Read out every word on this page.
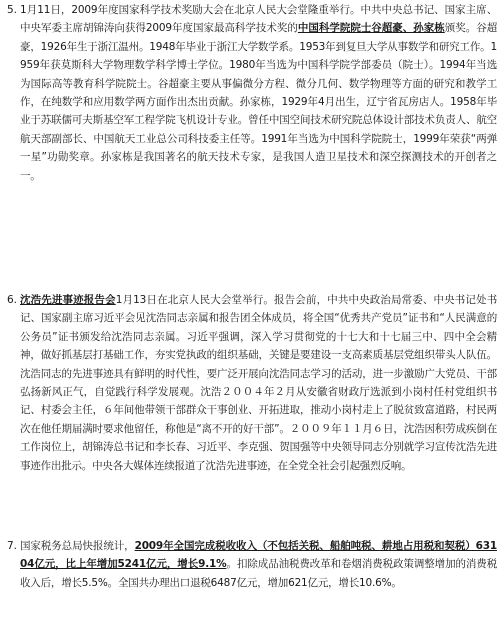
5. 1月11日，2009年度国家科学技术奖励大会在北京人民大会堂隆重举行。中共中央总书记、国家主席、中央军委主席胡锦涛向获得2009年度国家最高科学技术奖的中国科学院院士谷超豪、孙家栋颁奖。谷超豪，1926年生于浙江温州。1948年毕业于浙江大学数学系。1953年到复旦大学从事数学和研究工作。1959年获莫斯科大学物理数学科学博士学位。1980年当选为中国科学院学部委员（院士）。1994年当选为国际高等教育科学院院士。谷超豪主要从事偏微分方程、微分几何、数学物理等方面的研究和教学工作，在纯数学和应用数学两方面作出杰出贡献。孙家栋，1929年4月出生，辽宁省瓦房店人。1958年毕业于苏联儒可夫斯基空军工程学院飞机设计专业。曾任中国空间技术研究院总体设计部技术负责人、航空航天部副部长、中国航天工业总公司科技委主任等。1991年当选为中国科学院院士，1999年荣获“两弹一星”功勋奖章。孙家栋是我国著名的航天技术专家，是我国人造卫星技术和深空探测技术的开创者之一。
6. 沈浩先进事迹报告会1月13日在北京人民大会堂举行。报告会前，中共中央政治局常委、中央书记处书记、国家副主席习近平会见沈浩同志亲属和报告团全体成员，将全国“优秀共产党员”证书和“人民满意的公务员”证书颁发给沈浩同志亲属。习近平强调，深入学习贯彻党的十七大和十七届三中、四中全会精神，做好抓基层打基础工作，夯实党执政的组织基础，关键是要建设一支高素质基层党组织带头人队伍。沈浩同志的先进事迹具有鲜明的时代性，要广泛开展向沈浩同志学习的活动，进一步激励广大党员、干部弘扬新风正气，自觉践行科学发展观。沈浩２００４年２月从安徽省财政厅选派到小岗村任村党组织书记、村委会主任，６年间他带领干部群众干事创业、开拓进取，推动小岗村走上了脱贫致富道路，村民两次在他任期届满时要求他留任，称他是“离不开的好干部”。２００９年１１月６日，沈浩因积劳成疾倒在工作岗位上，胡锦涛总书记和李长春、习近平、李克强、贺国强等中央领导同志分别就学习宣传沈浩先进事迹作出批示。中央各大媒体连续报道了沈浩先进事迹，在全党全社会引起强烈反响。
7. 国家税务总局快报统计，2009年全国完成税收收入（不包括关税、船舶吨税、耕地占用税和契税）63104亿元，比上年增加5241亿元，增长9.1%。扣除成品油税费改革和卷烟消费税政策调整增加的消费税收入后，增长5.5%。全国共办理出口退税6487亿元，增加621亿元，增长10.6%。
